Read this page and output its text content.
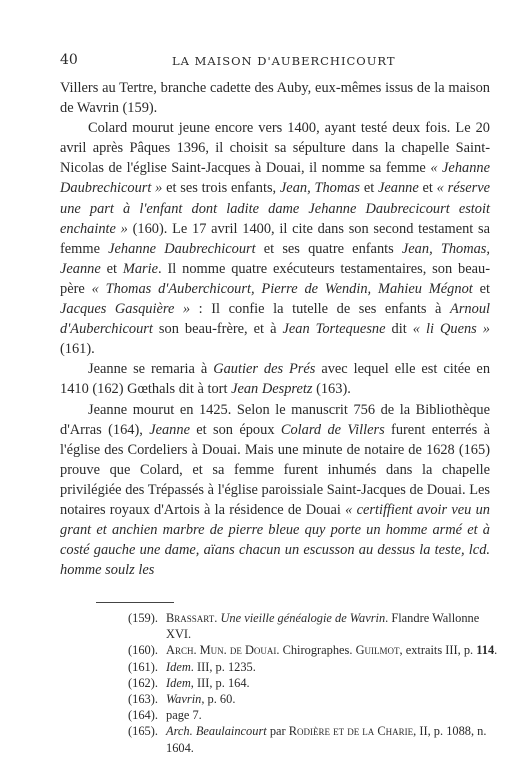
40	LA MAISON D'AUBERCHICOURT

Villers au Tertre, branche cadette des Auby, eux-mêmes issus de la maison de Wavrin (159).

Colard mourut jeune encore vers 1400, ayant testé deux fois. Le 20 avril après Pâques 1396, il choisit sa sépulture dans la chapelle Saint-Nicolas de l'église Saint-Jacques à Douai, il nomme sa femme « Jehanne Daubrechicourt » et ses trois enfants, Jean, Thomas et Jeanne et « réserve une part à l'enfant dont ladite dame Jehanne Daubrecicourt estoit enchainte » (160). Le 17 avril 1400, il cite dans son second testament sa femme Jehanne Daubrechicourt et ses quatre enfants Jean, Thomas, Jeanne et Marie. Il nomme quatre exécuteurs testamentaires, son beau-père « Thomas d'Auberchicourt, Pierre de Wendin, Mahieu Mégnot et Jacques Gasquière » : Il confie la tutelle de ses enfants à Arnoul d'Auberchicourt son beau-frère, et à Jean Tortequesne dit « li Quens » (161).

Jeanne se remaria à Gautier des Prés avec lequel elle est citée en 1410 (162) Gœthals dit à tort Jean Despretz (163).

Jeanne mourut en 1425. Selon le manuscrit 756 de la Bibliothèque d'Arras (164), Jeanne et son époux Colard de Villers furent enterrés à l'église des Cordeliers à Douai. Mais une minute de notaire de 1628 (165) prouve que Colard, et sa femme furent inhumés dans la chapelle privilégiée des Trépassés à l'église paroissiale Saint-Jacques de Douai. Les notaires royaux d'Artois à la résidence de Douai « certiffient avoir veu un grant et anchien marbre de pierre bleue quy porte un homme armé et à costé gauche une dame, aïans chacun un escusson au dessus la teste, lcd. homme soulz les

(159). Brassart. Une vieille généalogie de Wavrin. Flandre Wallonne XVI.
(160). Arch. Mun. de Douai. Chirographes. Guilmot, extraits III, p. 114.
(161). Idem. III, p. 1235.
(162). Idem, III, p. 164.
(163). Wavrin, p. 60.
(164). page 7.
(165). Arch. Beaulaincourt par Rodière et de la Charie, II, p. 1088, n. 1604.
